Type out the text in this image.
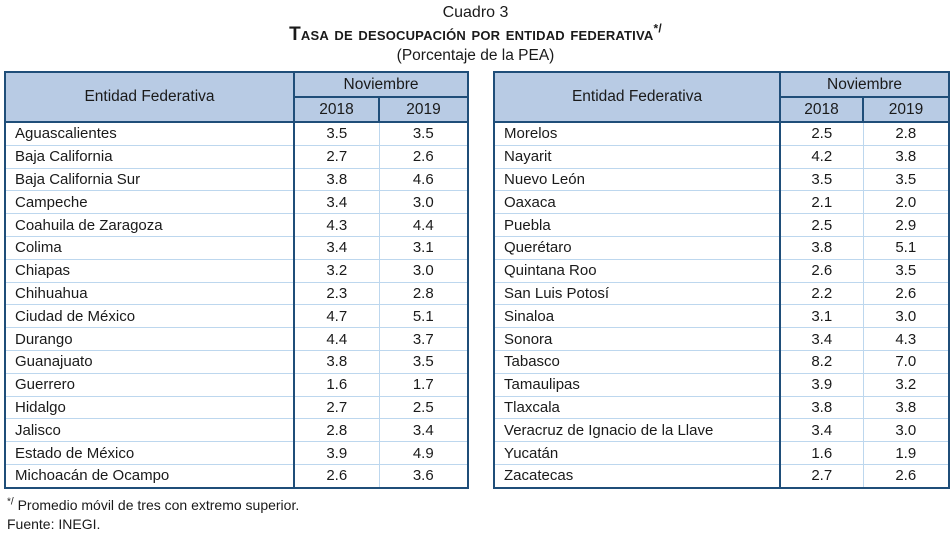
Cuadro 3
Tasa de desocupación por entidad federativa*/
(Porcentaje de la PEA)
Entidad Federativa	Noviembre	
	2018	2019
Aguascalientes	3.5	3.5
Baja California	2.7	2.6
Baja California Sur	3.8	4.6
Campeche	3.4	3.0
Coahuila de Zaragoza	4.3	4.4
Colima	3.4	3.1
Chiapas	3.2	3.0
Chihuahua	2.3	2.8
Ciudad de México	4.7	5.1
Durango	4.4	3.7
Guanajuato	3.8	3.5
Guerrero	1.6	1.7
Hidalgo	2.7	2.5
Jalisco	2.8	3.4
Estado de México	3.9	4.9
Michoacán de Ocampo	2.6	3.6
Entidad Federativa	Noviembre	
	2018	2019
Morelos	2.5	2.8
Nayarit	4.2	3.8
Nuevo León	3.5	3.5
Oaxaca	2.1	2.0
Puebla	2.5	2.9
Querétaro	3.8	5.1
Quintana Roo	2.6	3.5
San Luis Potosí	2.2	2.6
Sinaloa	3.1	3.0
Sonora	3.4	4.3
Tabasco	8.2	7.0
Tamaulipas	3.9	3.2
Tlaxcala	3.8	3.8
Veracruz de Ignacio de la Llave	3.4	3.0
Yucatán	1.6	1.9
Zacatecas	2.7	2.6
*/ Promedio móvil de tres con extremo superior.
Fuente: INEGI.
